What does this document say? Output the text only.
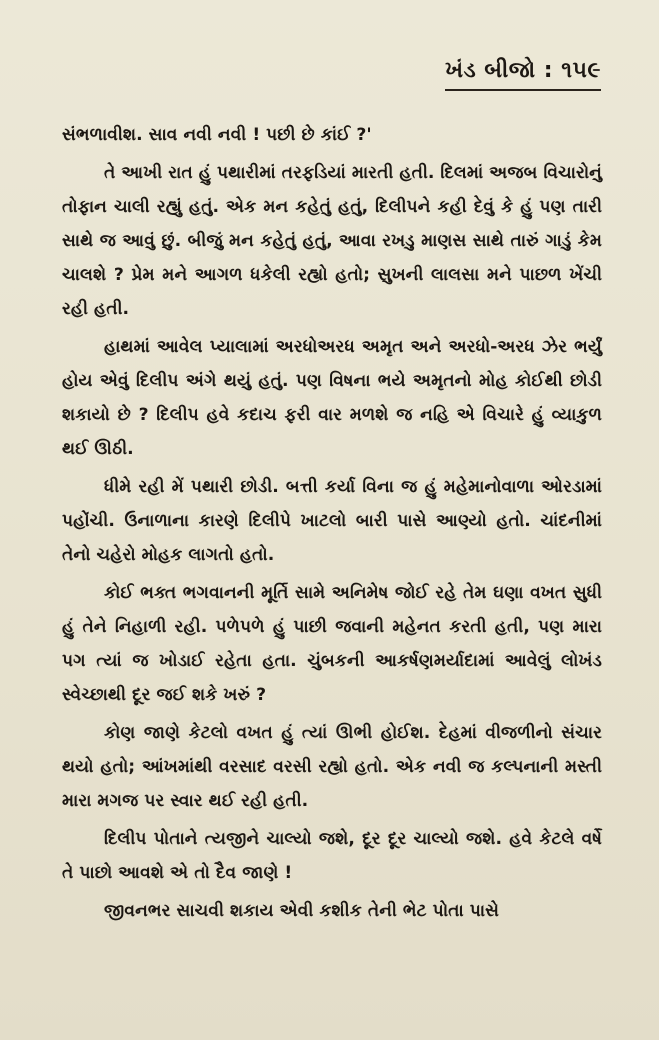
ખંડ બીજો : ૧૫૯

સંભળાવીશ. સાવ નવી નવી ! પછી છે કાંઈ ?'

તે આખી રાત હું પથારીમાં તરફડિયાં મારતી હતી. દિલમાં અજબ વિચારોનું તોફાન ચાલી રહ્યું હતું. એક મન કહેતું હતું, દિલીપને કહી દેવું કે હું પણ તારી સાથે જ આવું છું. બીજું મન કહેતું હતું, આવા રખડુ માણસ સાથે તારું ગાડું કેમ ચાલશે ? પ્રેમ મને આગળ ધકેલી રહ્યો હતો; સુખની લાલસા મને પાછળ ખેંચી રહી હતી.

હાથમાં આવેલ પ્યાલામાં અરધોઅરધ અમૃત અને અરધો-અરધ ઝેર ભર્યું હોય એવું દિલીપ અંગે થયું હતું. પણ વિષના ભયે અમૃતનો મોહ કોઈથી છોડી શકાયો છે ? દિલીપ હવે કદાચ ફરી વાર મળશે જ નહિ એ વિચારે હું વ્યાકુળ થઈ ઊઠી.

ધીમે રહી મેં પથારી છોડી. બત્તી કર્યા વિના જ હું મહેમાનોવાળા ઓરડામાં પહોંચી. ઉનાળાના કારણે દિલીપે ખાટલો બારી પાસે આણ્યો હતો. ચાંદનીમાં તેનો ચહેરો મોહક લાગતો હતો.

કોઈ ભક્ત ભગવાનની મૂર્તિ સામે અનિમેષ જોઈ રહે તેમ ઘણા વખત સુધી હું તેને નિહાળી રહી. પળેપળે હું પાછી જવાની મહેનત કરતી હતી, પણ મારા પગ ત્યાં જ ખોડાઈ રહેતા હતા. ચુંબકની આકર્ષણમર્યાદામાં આવેલું લોખંડ સ્વેચ્છાથી દૂર જઈ શકે ખરું ?

કોણ જાણે કેટલો વખત હું ત્યાં ઊભી હોઈશ. દેહમાં વીજળીનો સંચાર થયો હતો; આંખમાંથી વરસાદ વરસી રહ્યો હતો. એક નવી જ કલ્પનાની મસ્તી મારા મગજ પર સ્વાર થઈ રહી હતી.

દિલીપ પોતાને ત્યજીને ચાલ્યો જશે, દૂર દૂર ચાલ્યો જશે. હવે કેટલે વર્ષે તે પાછો આવશે એ તો દૈવ જાણે !

જીવનભર સાચવી શકાય એવી કશીક તેની ભેટ પોતા પાસે
